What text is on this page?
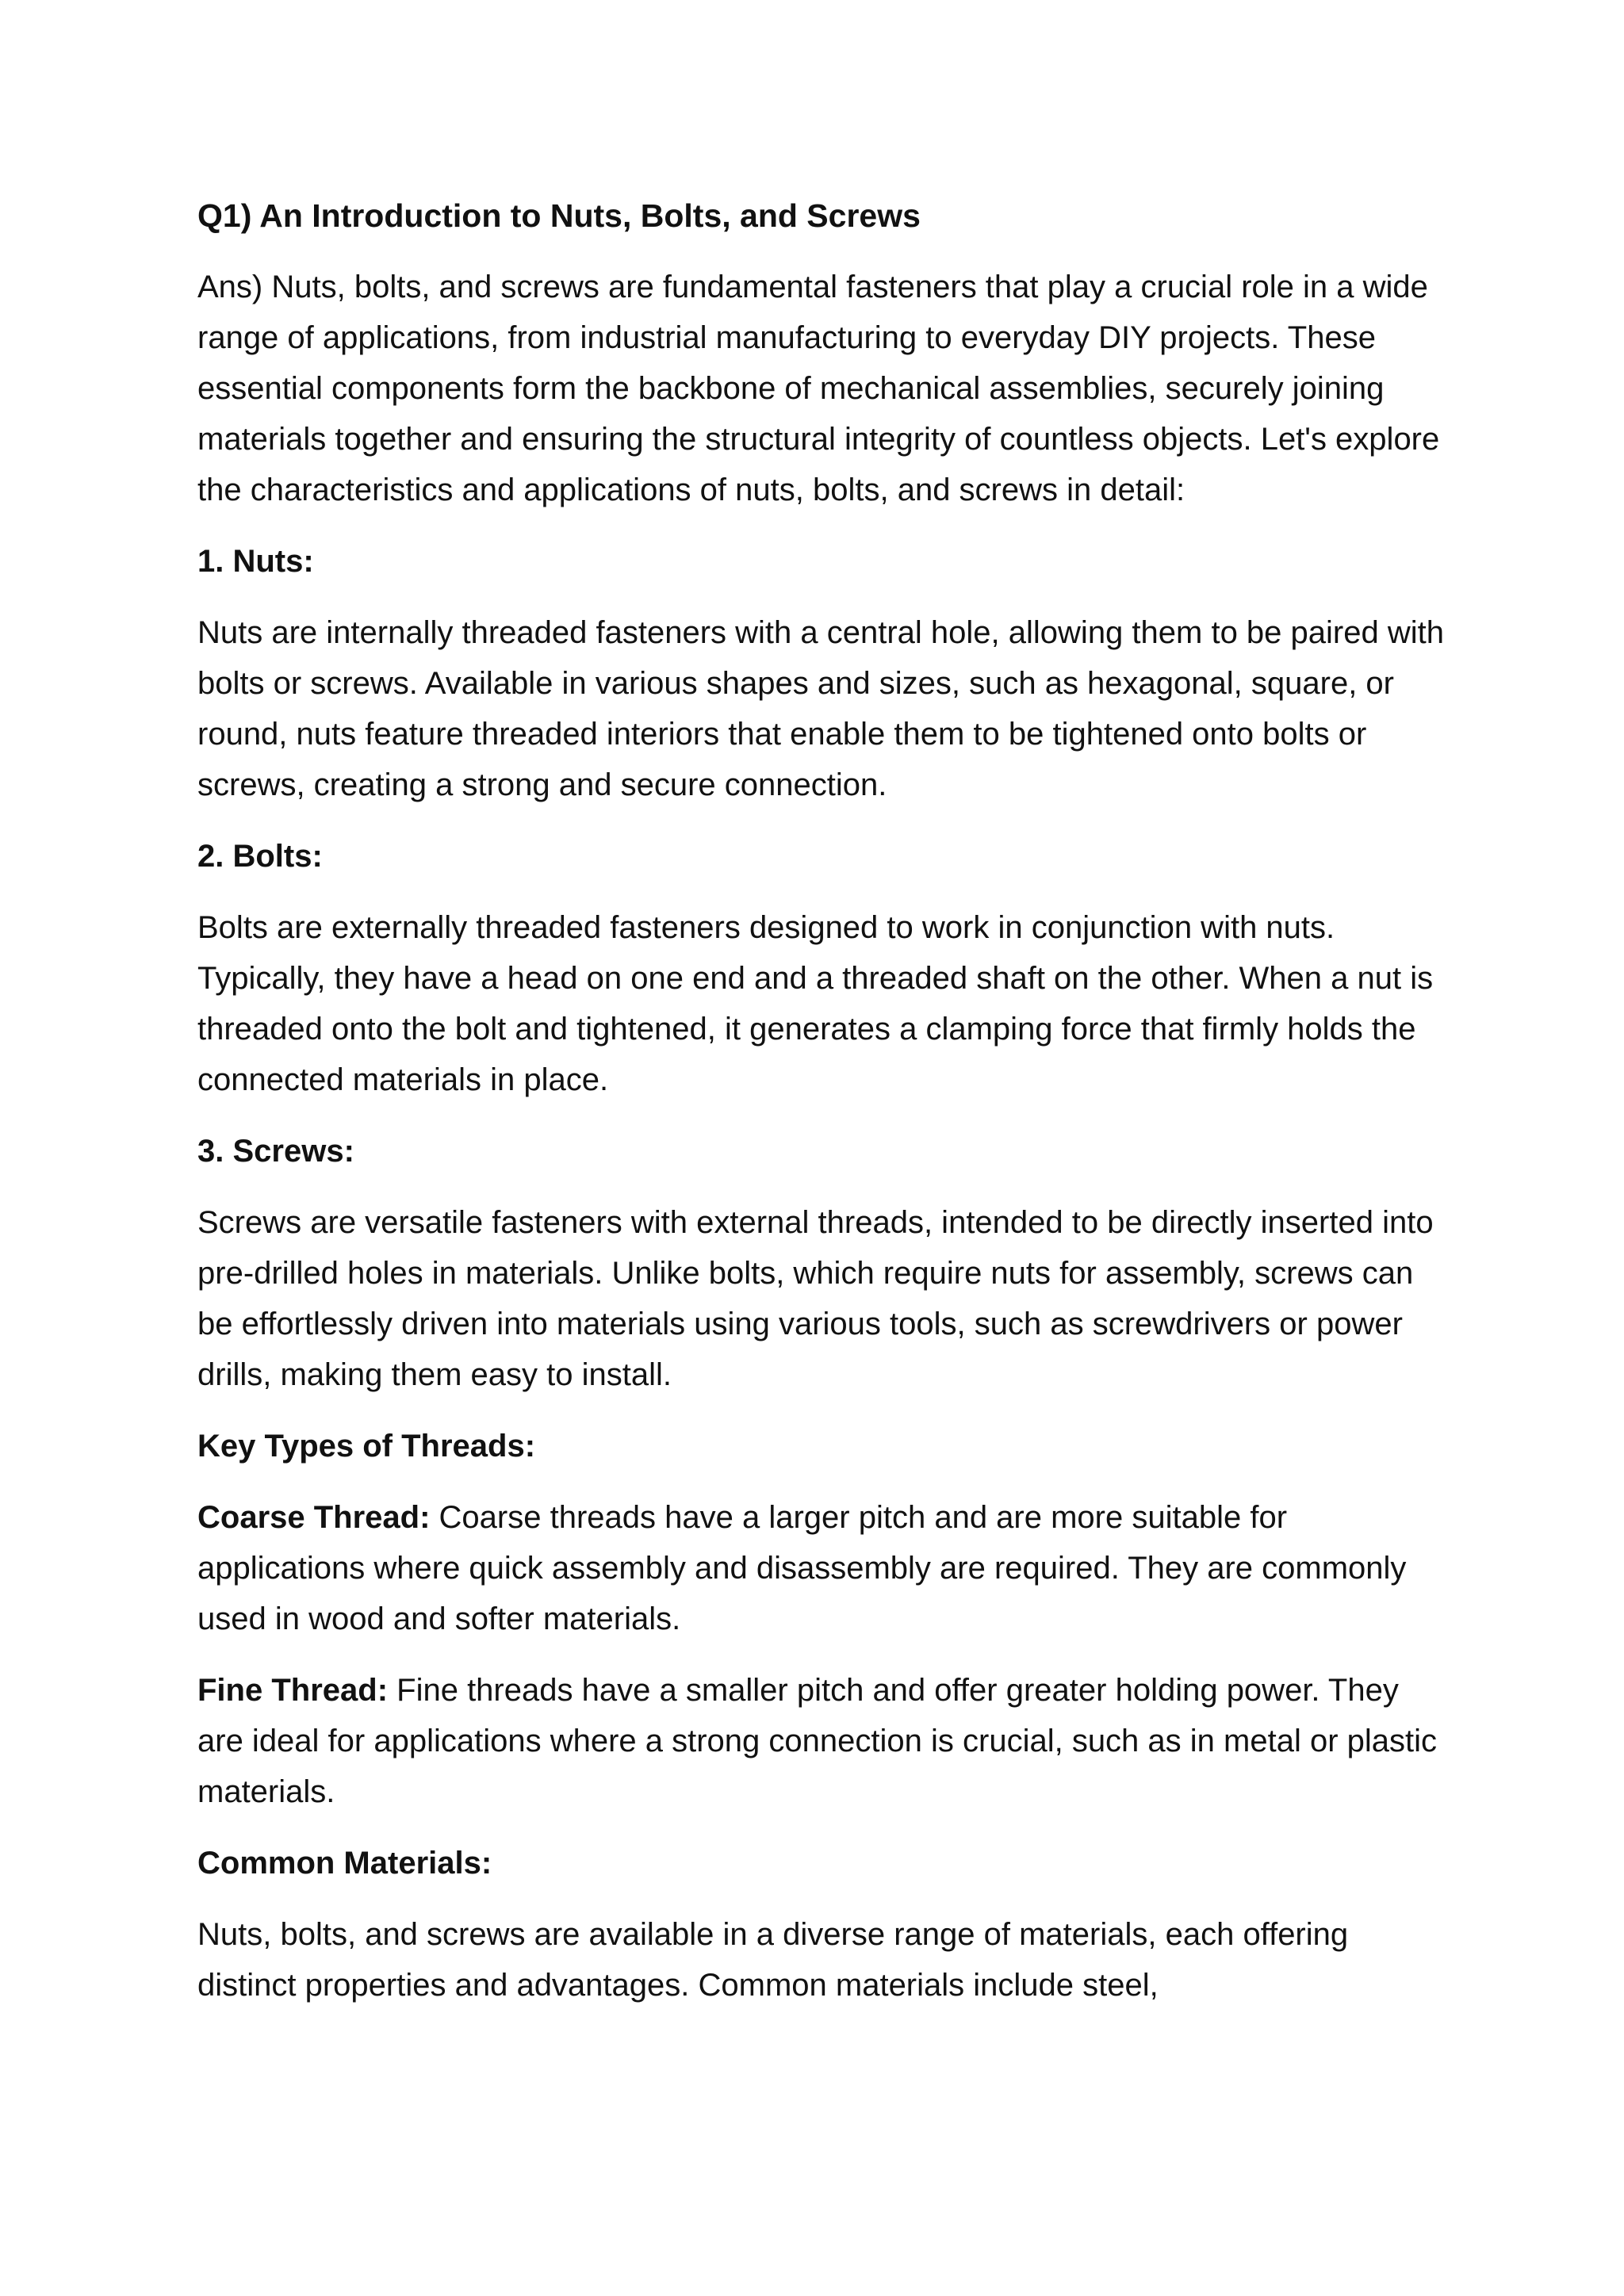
Q1) An Introduction to Nuts, Bolts, and Screws
Ans) Nuts, bolts, and screws are fundamental fasteners that play a crucial role in a wide range of applications, from industrial manufacturing to everyday DIY projects. These essential components form the backbone of mechanical assemblies, securely joining materials together and ensuring the structural integrity of countless objects. Let's explore the characteristics and applications of nuts, bolts, and screws in detail:
1. Nuts:
Nuts are internally threaded fasteners with a central hole, allowing them to be paired with bolts or screws. Available in various shapes and sizes, such as hexagonal, square, or round, nuts feature threaded interiors that enable them to be tightened onto bolts or screws, creating a strong and secure connection.
2. Bolts:
Bolts are externally threaded fasteners designed to work in conjunction with nuts. Typically, they have a head on one end and a threaded shaft on the other. When a nut is threaded onto the bolt and tightened, it generates a clamping force that firmly holds the connected materials in place.
3. Screws:
Screws are versatile fasteners with external threads, intended to be directly inserted into pre-drilled holes in materials. Unlike bolts, which require nuts for assembly, screws can be effortlessly driven into materials using various tools, such as screwdrivers or power drills, making them easy to install.
Key Types of Threads:
Coarse Thread: Coarse threads have a larger pitch and are more suitable for applications where quick assembly and disassembly are required. They are commonly used in wood and softer materials.
Fine Thread: Fine threads have a smaller pitch and offer greater holding power. They are ideal for applications where a strong connection is crucial, such as in metal or plastic materials.
Common Materials:
Nuts, bolts, and screws are available in a diverse range of materials, each offering distinct properties and advantages. Common materials include steel,
